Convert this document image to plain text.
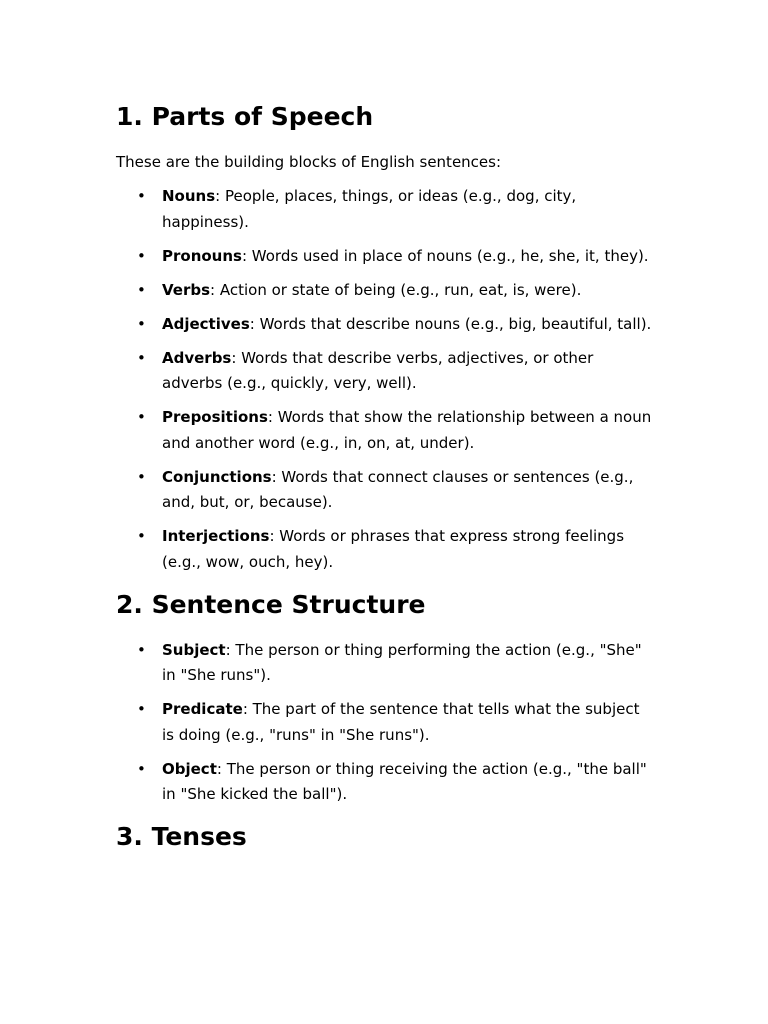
1. Parts of Speech

These are the building blocks of English sentences:

• Nouns: People, places, things, or ideas (e.g., dog, city, happiness).
• Pronouns: Words used in place of nouns (e.g., he, she, it, they).
• Verbs: Action or state of being (e.g., run, eat, is, were).
• Adjectives: Words that describe nouns (e.g., big, beautiful, tall).
• Adverbs: Words that describe verbs, adjectives, or other adverbs (e.g., quickly, very, well).
• Prepositions: Words that show the relationship between a noun and another word (e.g., in, on, at, under).
• Conjunctions: Words that connect clauses or sentences (e.g., and, but, or, because).
• Interjections: Words or phrases that express strong feelings (e.g., wow, ouch, hey).
2. Sentence Structure
• Subject: The person or thing performing the action (e.g., "She" in "She runs").
• Predicate: The part of the sentence that tells what the subject is doing (e.g., "runs" in "She runs").
• Object: The person or thing receiving the action (e.g., "the ball" in "She kicked the ball").
3. Tenses
